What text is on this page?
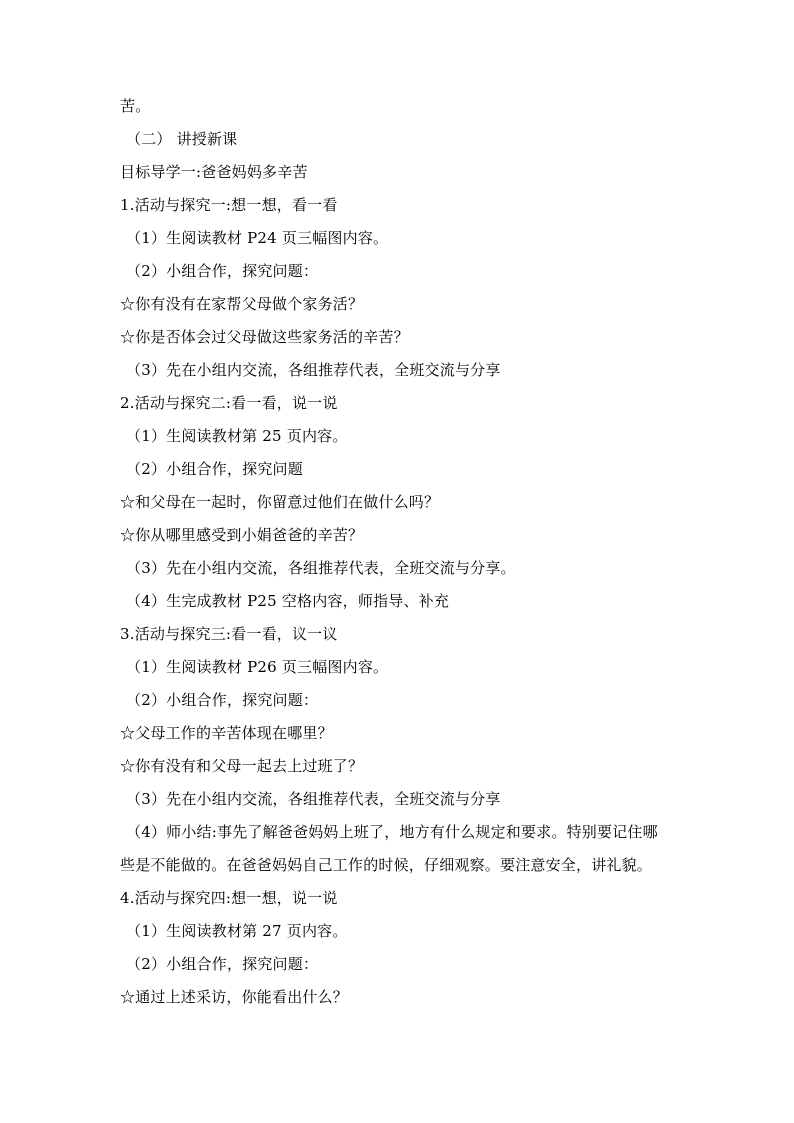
苦。
（二） 讲授新课
目标导学一:爸爸妈妈多辛苦
1.活动与探究一:想一想，看一看
（1）生阅读教材 P24 页三幅图内容。
（2）小组合作，探究问题：
☆你有没有在家帮父母做个家务活？
☆你是否体会过父母做这些家务活的辛苦？
（3）先在小组内交流，各组推荐代表，全班交流与分享
2.活动与探究二:看一看，说一说
（1）生阅读教材第 25 页内容。
（2）小组合作，探究问题
☆和父母在一起时，你留意过他们在做什么吗？
☆你从哪里感受到小娟爸爸的辛苦？
（3）先在小组内交流，各组推荐代表，全班交流与分享。
（4）生完成教材 P25 空格内容，师指导、补充
3.活动与探究三:看一看，议一议
（1）生阅读教材 P26 页三幅图内容。
（2）小组合作，探究问题：
☆父母工作的辛苦体现在哪里？
☆你有没有和父母一起去上过班了？
（3）先在小组内交流，各组推荐代表，全班交流与分享
（4）师小结:事先了解爸爸妈妈上班了，地方有什么规定和要求。特别要记住哪
些是不能做的。在爸爸妈妈自己工作的时候，仔细观察。要注意安全，讲礼貌。
4.活动与探究四:想一想，说一说
（1）生阅读教材第 27 页内容。
（2）小组合作，探究问题：
☆通过上述采访，你能看出什么？
